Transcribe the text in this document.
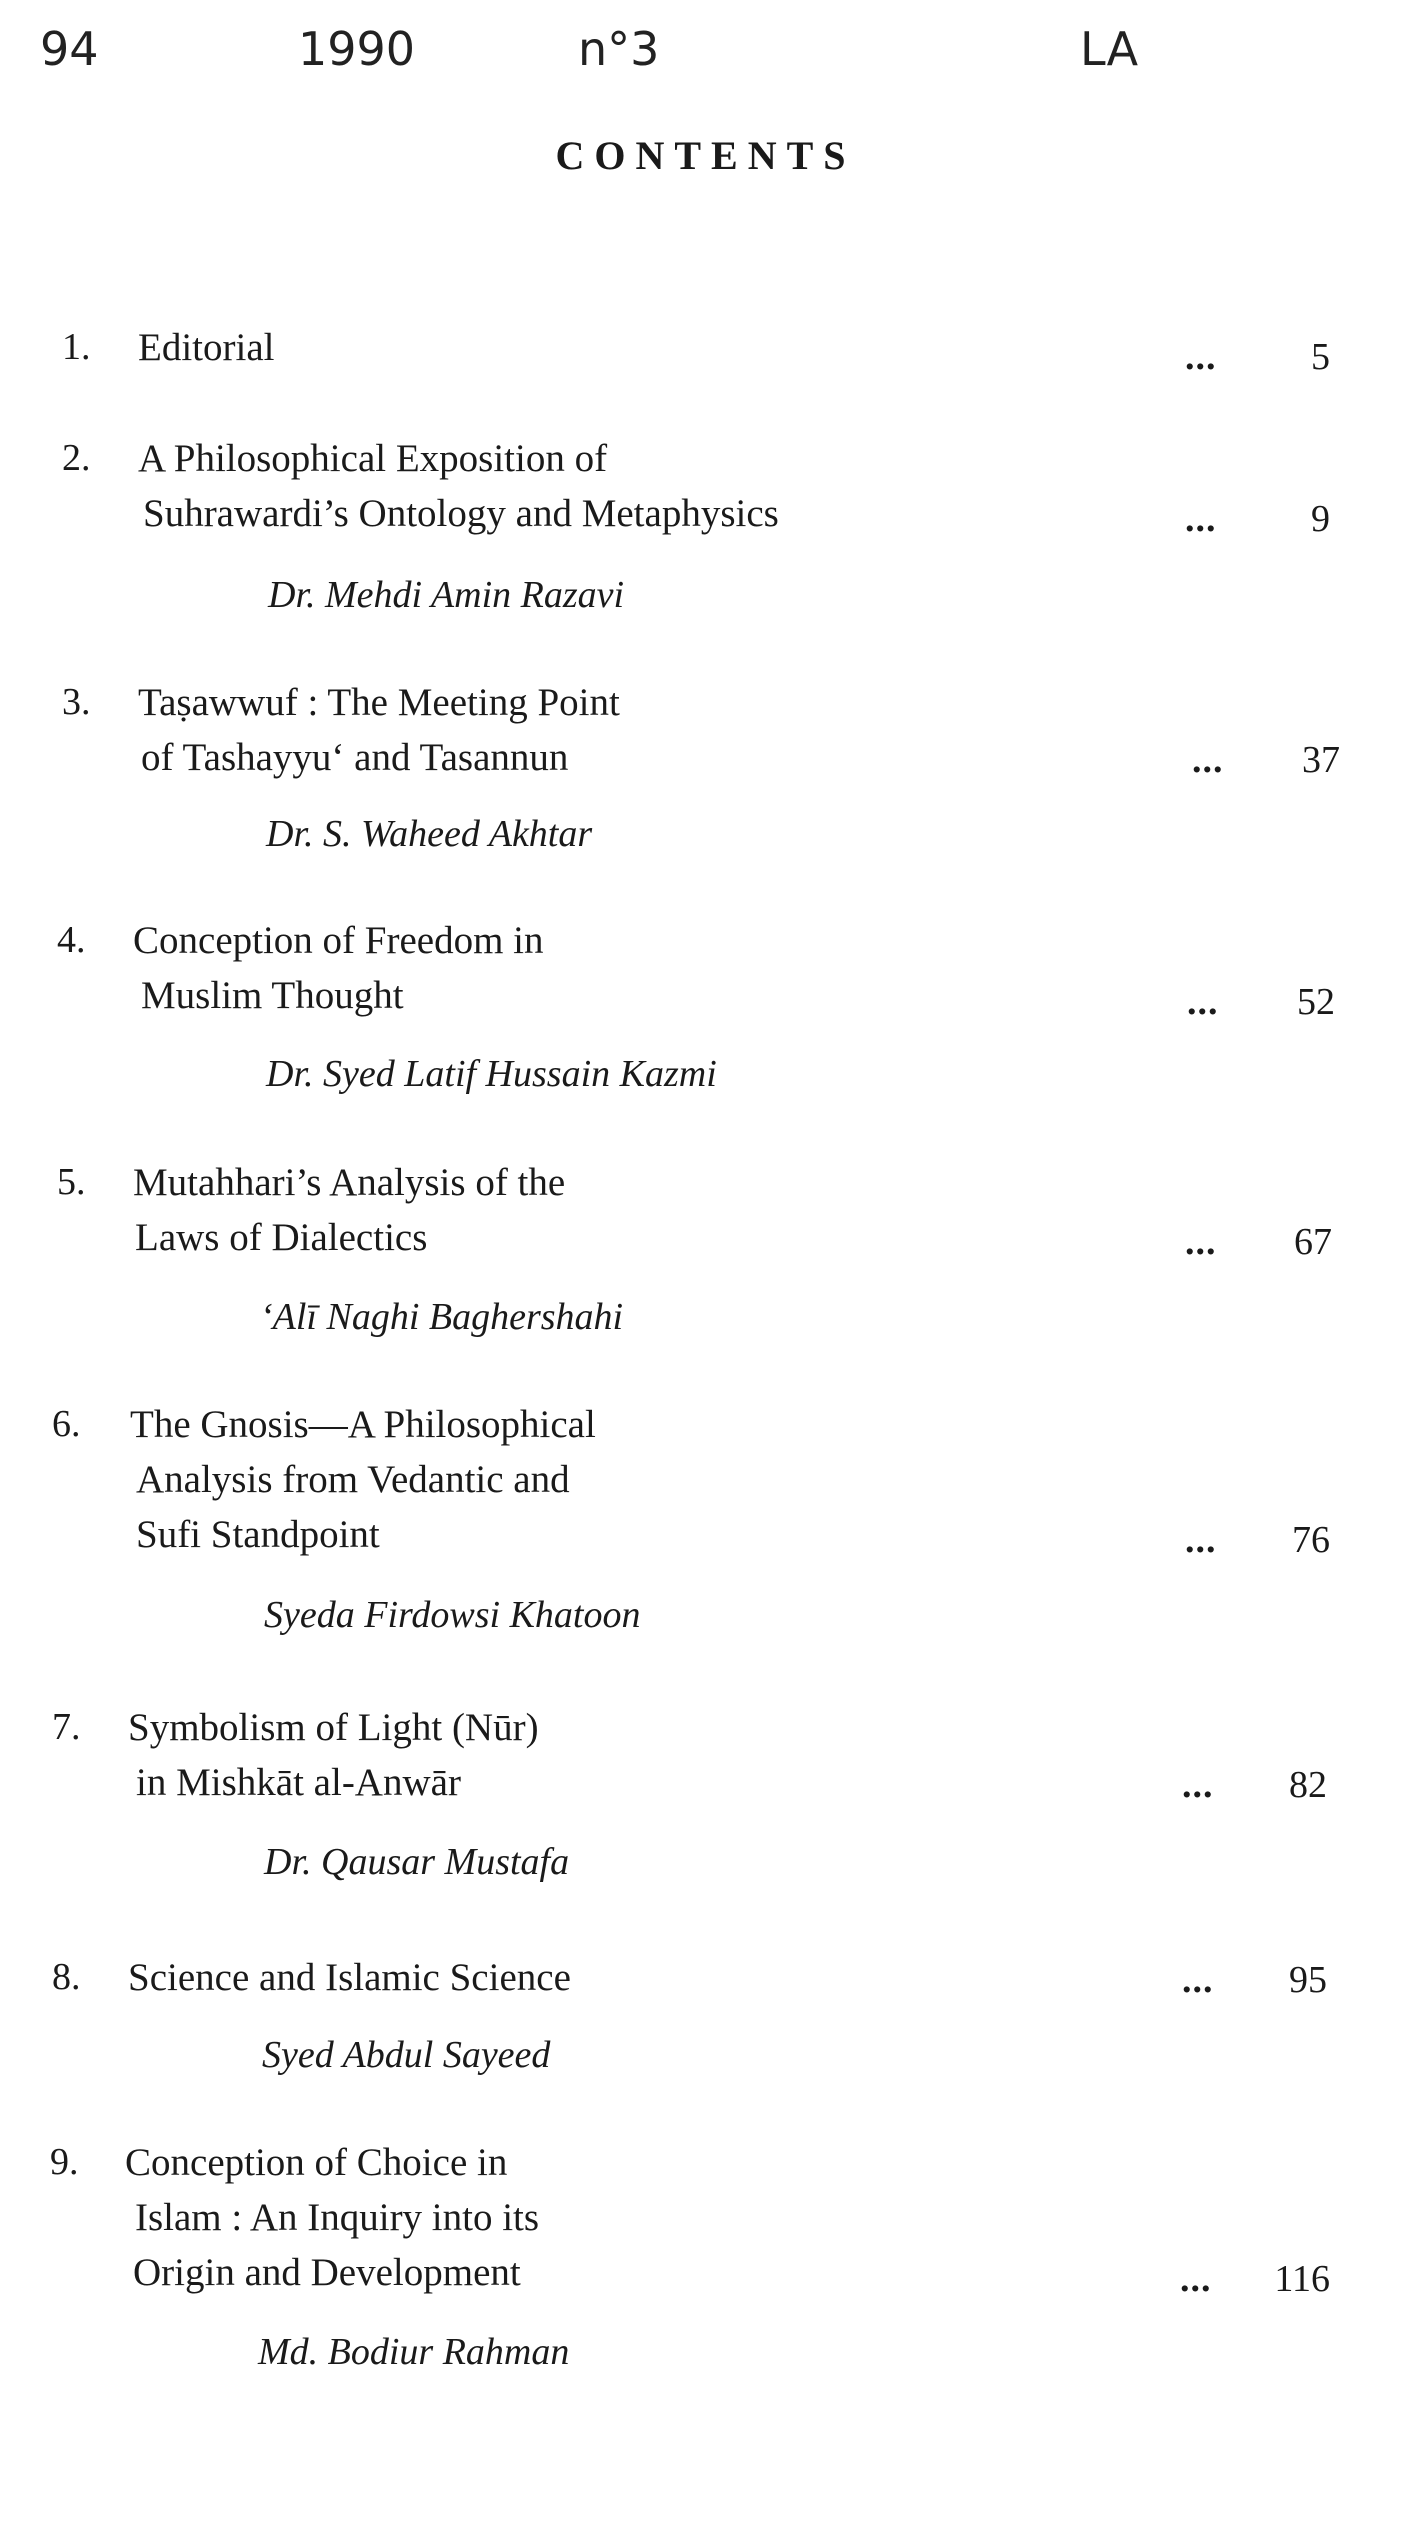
94	1990	n°3	LA
CONTENTS
1. Editorial	...	5
2. A Philosophical Exposition of
Suhrawardi’s Ontology and Metaphysics	...	9
Dr. Mehdi Amin Razavi
3. Taṣawwuf : The Meeting Point
of Tashayyuʻ and Tasannun	...	37
Dr. S. Waheed Akhtar
4. Conception of Freedom in
Muslim Thought	...	52
Dr. Syed Latif Hussain Kazmi
5. Mutahhari’s Analysis of the
Laws of Dialectics	...	67
‘Alī Naghi Baghershahi
6. The Gnosis—A Philosophical
Analysis from Vedantic and
Sufi Standpoint	...	76
Syeda Firdowsi Khatoon
7. Symbolism of Light (Nūr)
in Mishkāt al-Anwār	...	82
Dr. Qausar Mustafa
8. Science and Islamic Science	...	95
Syed Abdul Sayeed
9. Conception of Choice in
Islam : An Inquiry into its
Origin and Development	...	116
Md. Bodiur Rahman
